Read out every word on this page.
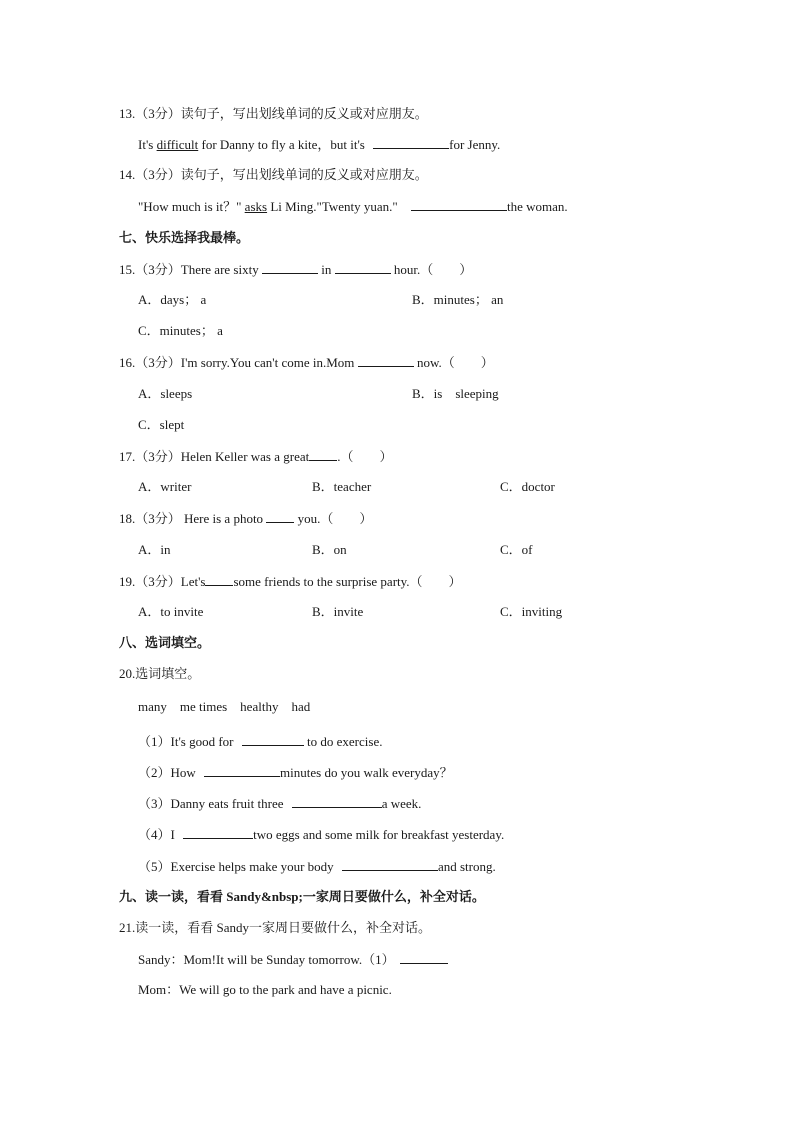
13.（3分）读句子，写出划线单词的反义或对应朋友。
It's difficult for Danny to fly a kite，but it's	for Jenny.
14.（3分）读句子，写出划线单词的反义或对应朋友。
"How much is it？" asks Li Ming."Twenty yuan."	the woman.
七、快乐选择我最棒。
15.（3分）There are sixty	in	hour.（　　）
A．days； a	B．minutes； an
C．minutes； a
16.（3分）I'm sorry.You can't come in.Mom	now.（　　）
A．sleeps	B．is　sleeping
C．slept
17.（3分）Helen Keller was a great .（　　）
A．writer	B．teacher	C．doctor
18.（3分） Here is a photo	you.（　　）
A．in	B．on	C．of
19.（3分）Let's some friends to the surprise party.（　　）
A．to invite	B．invite	C．inviting
八、选词填空。
20.选词填空。
many　me times　healthy　had
（1）It's good for	to do exercise.
（2）How	minutes do you walk everyday？
（3）Danny eats fruit three	a week.
（4）I	two eggs and some milk for breakfast yesterday.
（5）Exercise helps make your body	and strong.
九、读一读，看看 Sandy&nbsp;一家周日要做什么，补全对话。
21.读一读，看看 Sandy一家周日要做什么，补全对话。
Sandy：Mom!It will be Sunday tomorrow.（1）
Mom：We will go to the park and have a picnic.
